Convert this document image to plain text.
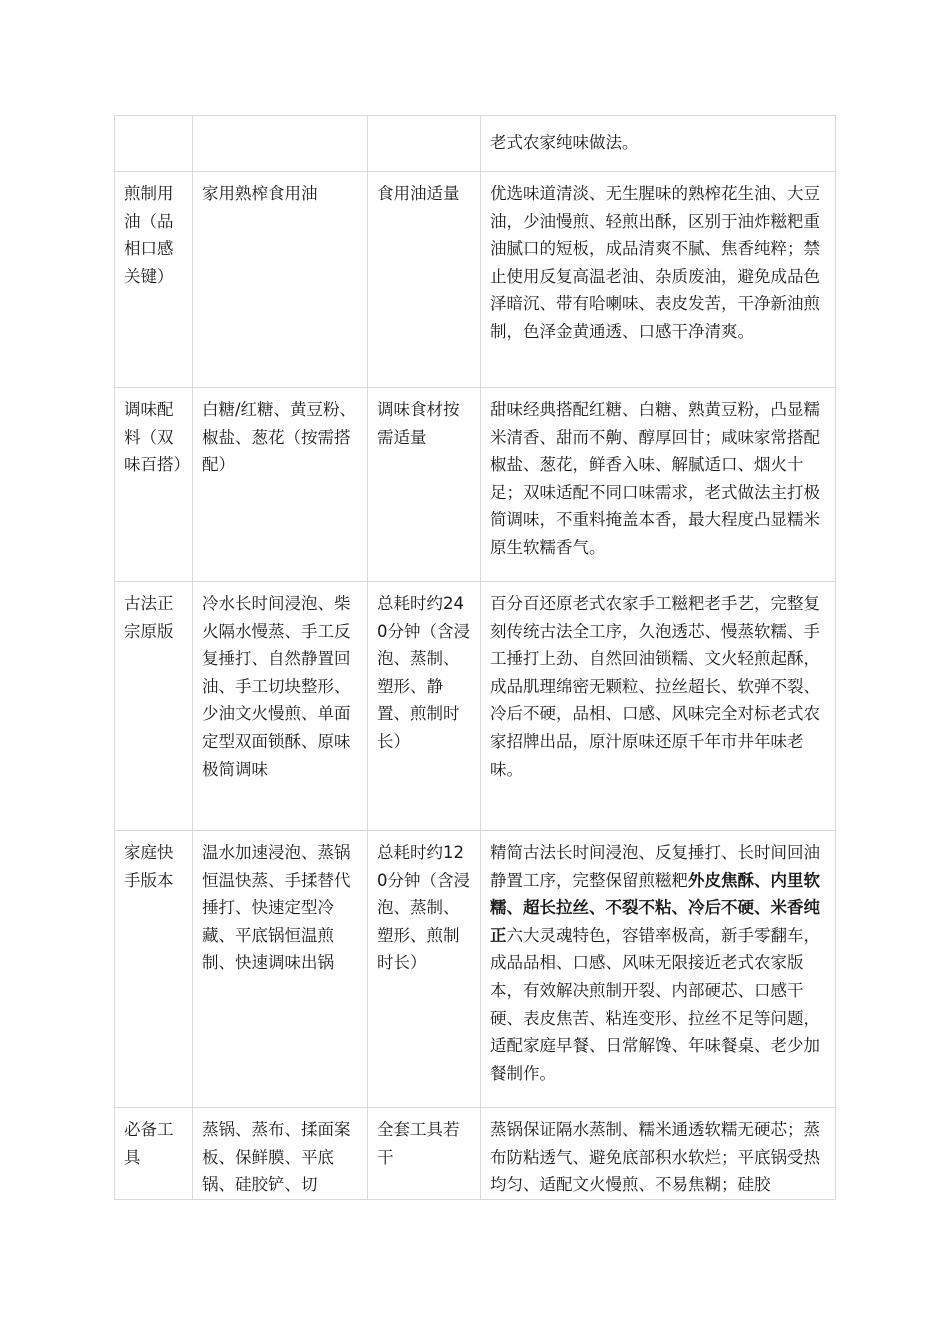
			老式农家纯味做法。
煎制用油（品相口感关键）	家用熟榨食用油	食用油适量	优选味道清淡、无生腥味的熟榨花生油、大豆油，少油慢煎、轻煎出酥，区别于油炸糍粑重油腻口的短板，成品清爽不腻、焦香纯粹；禁止使用反复高温老油、杂质废油，避免成品色泽暗沉、带有哈喇味、表皮发苦，干净新油煎制，色泽金黄通透、口感干净清爽。
调味配料（双味百搭）	白糖/红糖、黄豆粉、椒盐、葱花（按需搭配）	调味食材按需适量	甜味经典搭配红糖、白糖、熟黄豆粉，凸显糯米清香、甜而不齁、醇厚回甘；咸味家常搭配椒盐、葱花，鲜香入味、解腻适口、烟火十足；双味适配不同口味需求，老式做法主打极简调味，不重料掩盖本香，最大程度凸显糯米原生软糯香气。
古法正宗原版	冷水长时间浸泡、柴火隔水慢蒸、手工反复捶打、自然静置回油、手工切块整形、少油文火慢煎、单面定型双面锁酥、原味极简调味	总耗时约240分钟（含浸泡、蒸制、塑形、静置、煎制时长）	百分百还原老式农家手工糍粑老手艺，完整复刻传统古法全工序，久泡透芯、慢蒸软糯、手工捶打上劲、自然回油锁糯、文火轻煎起酥，成品肌理绵密无颗粒、拉丝超长、软弹不裂、冷后不硬，品相、口感、风味完全对标老式农家招牌出品，原汁原味还原千年市井年味老味。
家庭快手版本	温水加速浸泡、蒸锅恒温快蒸、手揉替代捶打、快速定型冷藏、平底锅恒温煎制、快速调味出锅	总耗时约120分钟（含浸泡、蒸制、塑形、煎制时长）	精简古法长时间浸泡、反复捶打、长时间回油静置工序，完整保留煎糍粑外皮焦酥、内里软糯、超长拉丝、不裂不粘、冷后不硬、米香纯正六大灵魂特色，容错率极高，新手零翻车，成品品相、口感、风味无限接近老式农家版本，有效解决煎制开裂、内部硬芯、口感干硬、表皮焦苦、粘连变形、拉丝不足等问题，适配家庭早餐、日常解馋、年味餐桌、老少加餐制作。
必备工具	蒸锅、蒸布、揉面案板、保鲜膜、平底锅、硅胶铲、切	全套工具若干	蒸锅保证隔水蒸制、糯米通透软糯无硬芯；蒸布防粘透气、避免底部积水软烂；平底锅受热均匀、适配文火慢煎、不易焦糊；硅胶
